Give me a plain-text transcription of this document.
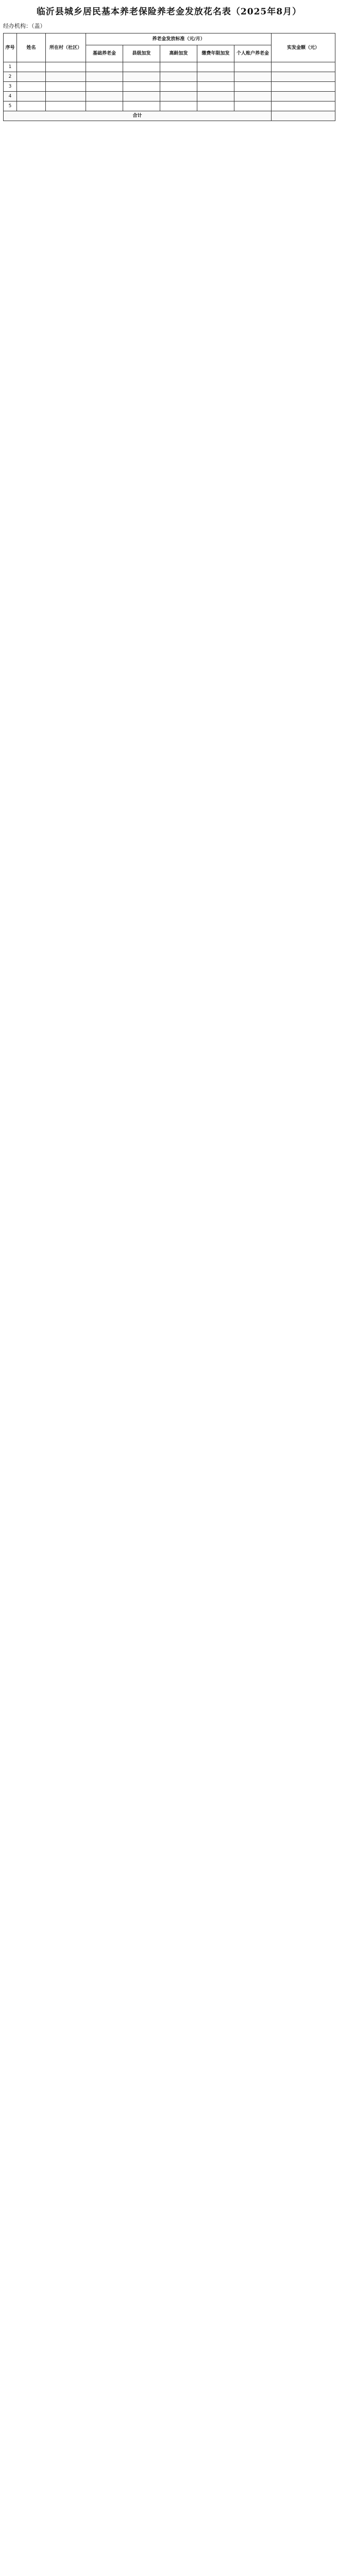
临沂县城乡居民基本养老保险养老金发放花名表（2025年8月）
经办机构：（盖）
序号	姓名	所在村（社区）	养老金发放标准（元/月）					实发金额（元）
			基础养老金	县级加发	高龄加发	缴费年限加发	个人账户养老金	
1								
2								
3								
4								
5								
合计								
